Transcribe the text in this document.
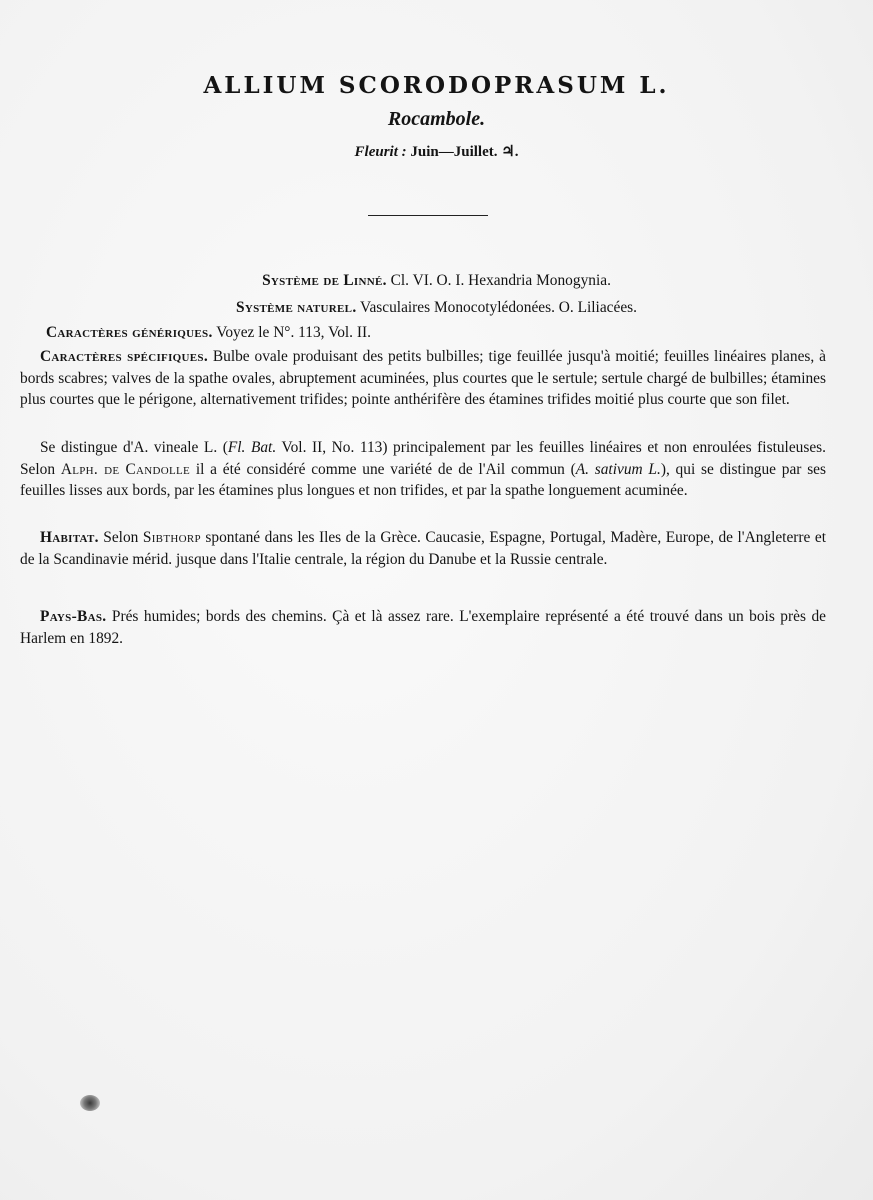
ALLIUM SCORODOPRASUM L.
Rocambole.
Fleurit : Juin—Juillet. ♃.
Système de Linné. Cl. VI. O. I. Hexandria Monogynia.
Système naturel. Vasculaires Monocotylédonées. O. Liliacées.
Caractères génériques. Voyez le N°. 113, Vol. II.
Caractères spécifiques. Bulbe ovale produisant des petits bulbilles; tige feuillée jusqu'à moitié; feuilles linéaires planes, à bords scabres; valves de la spathe ovales, abruptement acuminées, plus courtes que le sertule; sertule chargé de bulbilles; étamines plus courtes que le périgone, alternativement trifides; pointe anthérifère des étamines trifides moitié plus courte que son filet.
Se distingue d'A. vineale L. (Fl. Bat. Vol. II, No. 113) principalement par les feuilles linéaires et non enroulées fistuleuses. Selon Alph. de Candolle il a été considéré comme une variété de de l'Ail commun (A. sativum L.), qui se distingue par ses feuilles lisses aux bords, par les étamines plus longues et non trifides, et par la spathe longuement acuminée.
Habitat. Selon Sibthorp spontané dans les Iles de la Grèce. Caucasie, Espagne, Portugal, Madère, Europe, de l'Angleterre et de la Scandinavie mérid. jusque dans l'Italie centrale, la région du Danube et la Russie centrale.
Pays-Bas. Prés humides; bords des chemins. Çà et là assez rare. L'exemplaire représenté a été trouvé dans un bois près de Harlem en 1892.
